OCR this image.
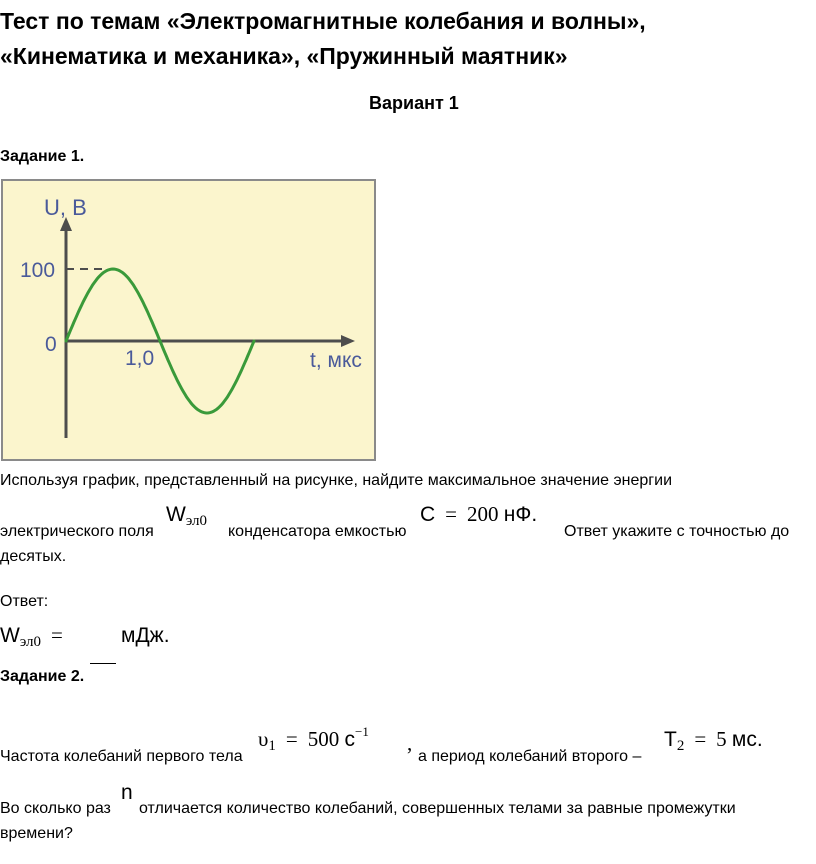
Тест по темам «Электромагнитные колебания и волны»,
«Кинематика и механика», «Пружинный маятник»
Вариант 1
Задание 1.
U, В
100
0
1,0	t, мкс
Используя график, представленный на рисунке, найдите максимальное значение энергии
электрического поля
Wэл0
конденсатора емкостью
C = 200 нФ.
Ответ укажите с точностью до
десятых.
Ответ:
Wэл0 =	мДж.
Задание 2.
Частота колебаний первого тела
υ1 = 500 $с^{-1}$ ,
а период колебаний второго –
T2 = 5 мс.
Во сколько раз
n
отличается количество колебаний, совершенных телами за равные промежутки
времени?
